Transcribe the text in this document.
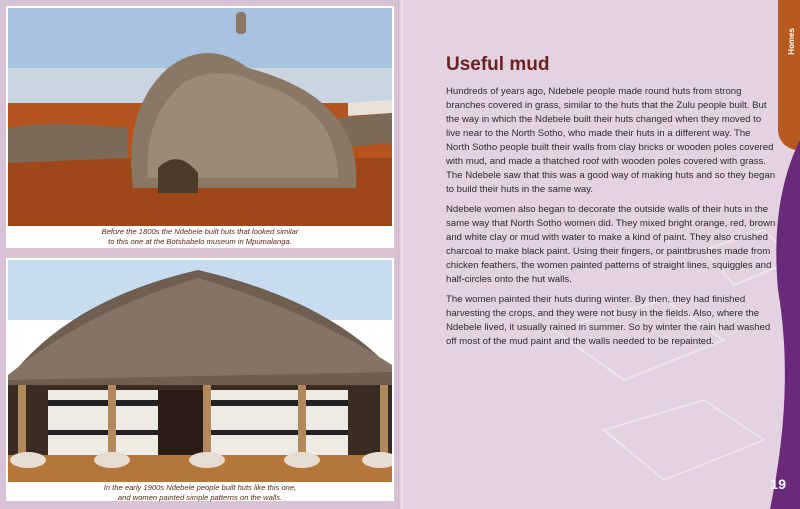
Before the 1800s the Ndebele built huts that looked similar
to this one at the Botshabelo museum in Mpumalanga.
In the early 1900s Ndebele people built huts like this one,
and women painted simple patterns on the walls.
Homes
19
Useful mud

Hundreds of years ago, Ndebele people made round huts from strong branches covered in grass, similar to the huts that the Zulu people built. But the way in which the Ndebele built their huts changed when they moved to live near to the North Sotho, who made their huts in a different way. The North Sotho people built their walls from clay bricks or wooden poles covered with mud, and made a thatched roof with wooden poles covered with grass. The Ndebele saw that this was a good way of making huts and so they began to build their huts in the same way.

Ndebele women also began to decorate the outside walls of their huts in the same way that North Sotho women did. They mixed bright orange, red, brown and white clay or mud with water to make a kind of paint. They also crushed charcoal to make black paint. Using their fingers, or paintbrushes made from chicken feathers, the women painted patterns of straight lines, squiggles and half-circles onto the hut walls.

The women painted their huts during winter. By then, they had finished harvesting the crops, and they were not busy in the fields. Also, where the Ndebele lived, it usually rained in summer. So by winter the rain had washed off most of the mud paint and the walls needed to be repainted.
